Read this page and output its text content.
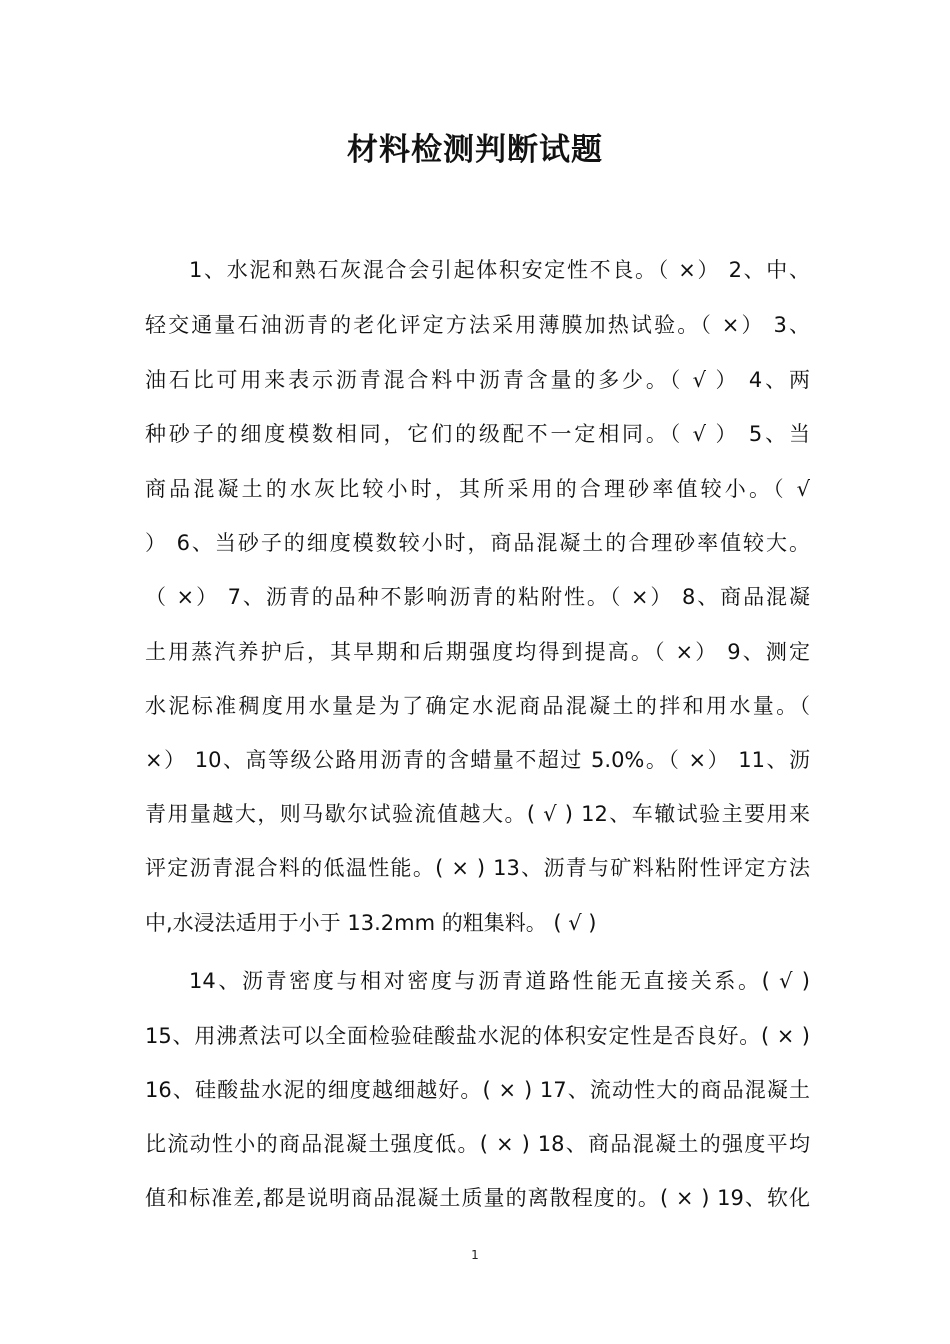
材料检测判断试题
1、水泥和熟石灰混合会引起体积安定性不良。（ ×） 2、中、
轻交通量石油沥青的老化评定方法采用薄膜加热试验。（ ×） 3、
油石比可用来表示沥青混合料中沥青含量的多少。（ √ ） 4、两
种砂子的细度模数相同，它们的级配不一定相同。（ √ ） 5、当
商品混凝土的水灰比较小时，其所采用的合理砂率值较小。（ √
） 6、当砂子的细度模数较小时，商品混凝土的合理砂率值较大。
（ ×） 7、沥青的品种不影响沥青的粘附性。（ ×） 8、商品混凝
土用蒸汽养护后，其早期和后期强度均得到提高。（ ×） 9、测定
水泥标准稠度用水量是为了确定水泥商品混凝土的拌和用水量。（
×） 10、高等级公路用沥青的含蜡量不超过 5.0%。（ ×） 11、沥
青用量越大，则马歇尔试验流值越大。( √ ) 12、车辙试验主要用来
评定沥青混合料的低温性能。( × ) 13、沥青与矿料粘附性评定方法
中,水浸法适用于小于 13.2mm 的粗集料。 ( √ )
14、沥青密度与相对密度与沥青道路性能无直接关系。( √ )
15、用沸煮法可以全面检验硅酸盐水泥的体积安定性是否良好。( × )
16、硅酸盐水泥的细度越细越好。( × ) 17、流动性大的商品混凝土
比流动性小的商品混凝土强度低。( × ) 18、商品混凝土的强度平均
值和标准差,都是说明商品混凝土质量的离散程度的。( × ) 19、软化
1
